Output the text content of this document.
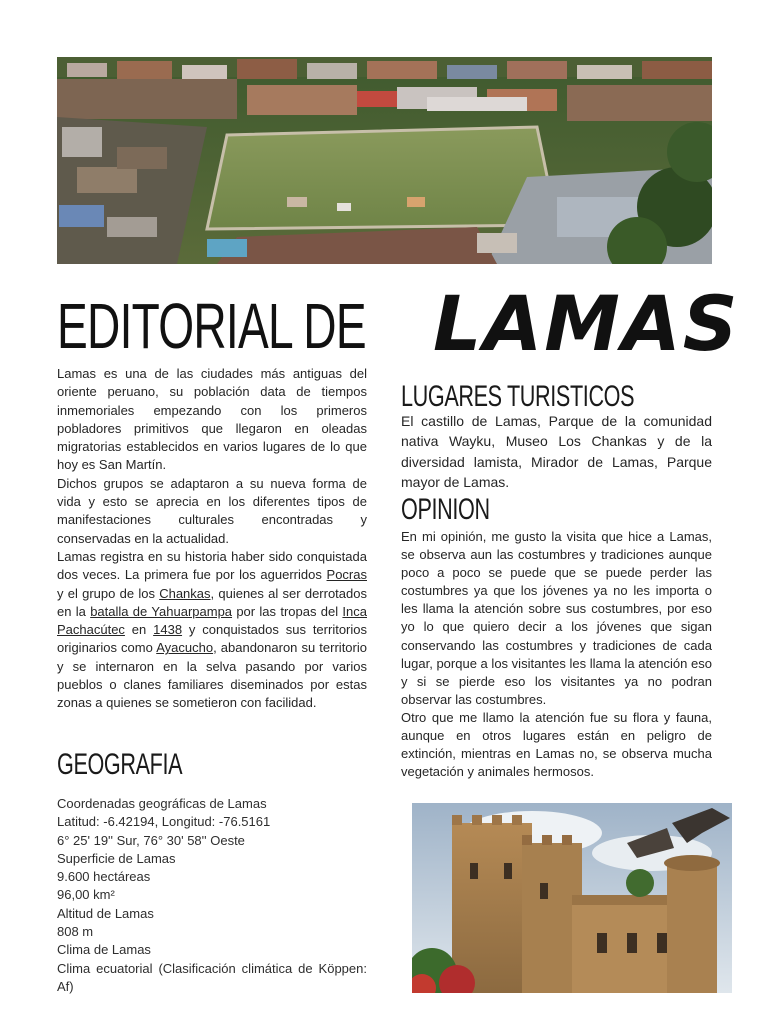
EDITORIAL DE LAMAS

Lamas es una de las ciudades más antiguas del oriente peruano, su población data de tiempos inmemoriales empezando con los primeros pobladores primitivos que llegaron en oleadas migratorias establecidos en varios lugares de lo que hoy es San Martín.

Dichos grupos se adaptaron a su nueva forma de vida y esto se aprecia en los diferentes tipos de manifestaciones culturales encontradas y conservadas en la actualidad.

Lamas registra en su historia haber sido conquistada dos veces. La primera fue por los aguerridos Pocras y el grupo de los Chankas, quienes al ser derrotados en la batalla de Yahuarpampa por las tropas del Inca Pachacútec en 1438 y conquistados sus territorios originarios como Ayacucho, abandonaron su territorio y se internaron en la selva pasando por varios pueblos o clanes familiares diseminados por estas zonas a quienes se sometieron con facilidad.

GEOGRAFIA
Coordenadas geográficas de Lamas
Latitud: -6.42194, Longitud: -76.5161
6° 25' 19'' Sur, 76° 30' 58'' Oeste
Superficie de Lamas
9.600 hectáreas
96,00 km²
Altitud de Lamas
808 m
Clima de Lamas
Clima ecuatorial (Clasificación climática de Köppen: Af)
LUGARES TURISTICOS
El castillo de Lamas, Parque de la comunidad nativa Wayku, Museo Los Chankas y de la diversidad lamista, Mirador de Lamas, Parque mayor de Lamas.
OPINION

En mi opinión, me gusto la visita que hice a Lamas, se observa aun las costumbres y tradiciones aunque poco a poco se puede que se puede perder las costumbres ya que los jóvenes ya no les importa o les llama la atención sobre sus costumbres, por eso yo lo que quiero decir a los jóvenes que sigan conservando las costumbres y tradiciones de cada lugar, porque a los visitantes les llama la atención eso y si se pierde eso los visitantes ya no podran observar las costumbres.

Otro que me llamo la atención fue su flora y fauna, aunque en otros lugares están en peligro de extinción, mientras en Lamas no, se observa mucha vegetación y animales hermosos.
